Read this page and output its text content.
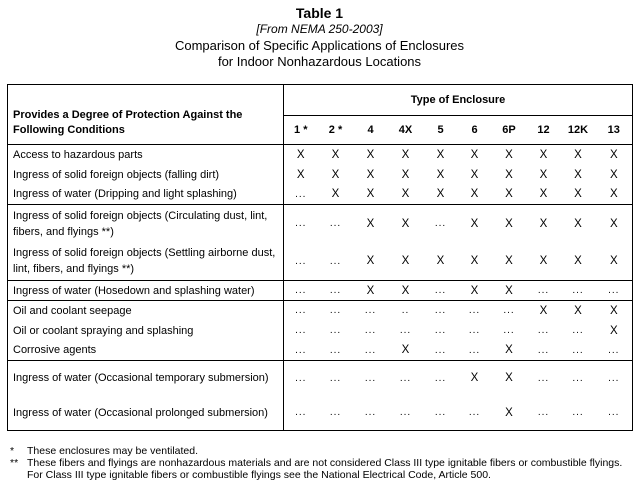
Table 1
[From NEMA 250-2003]
Comparison of Specific Applications of Enclosures
for Indoor Nonhazardous Locations
Provides a Degree of Protection Against the Following Conditions	Type of Enclosure									
	1 *	2 *	4	4X	5	6	6P	12	12K	13
Access to hazardous parts	X	X	X	X	X	X	X	X	X	X
Ingress of solid foreign objects (falling dirt)	X	X	X	X	X	X	X	X	X	X
Ingress of water (Dripping and light splashing)	...	X	X	X	X	X	X	X	X	X
Ingress of solid foreign objects (Circulating dust, lint, fibers, and flyings **)	...	...	X	X	...	X	X	X	X	X
Ingress of solid foreign objects (Settling airborne dust, lint, fibers, and flyings **)	...	...	X	X	X	X	X	X	X	X
Ingress of water (Hosedown and splashing water)	...	...	X	X	...	X	X	...	...	...
Oil and coolant seepage	...	...	...	..	...	...	...	X	X	X
Oil or coolant spraying and splashing	...	...	...	...	...	...	...	...	...	X
Corrosive agents	...	...	...	X	...	...	X	...	...	...
Ingress of water (Occasional temporary submersion)	...	...	...	...	...	X	X	...	...	...
Ingress of water (Occasional prolonged submersion)	...	...	...	...	...	...	X	...	...	...
*	These enclosures may be ventilated.
** These fibers and flyings are nonhazardous materials and are not considered Class III type ignitable fibers or combustible flyings. For Class III type ignitable fibers or combustible flyings see the National Electrical Code, Article 500.
